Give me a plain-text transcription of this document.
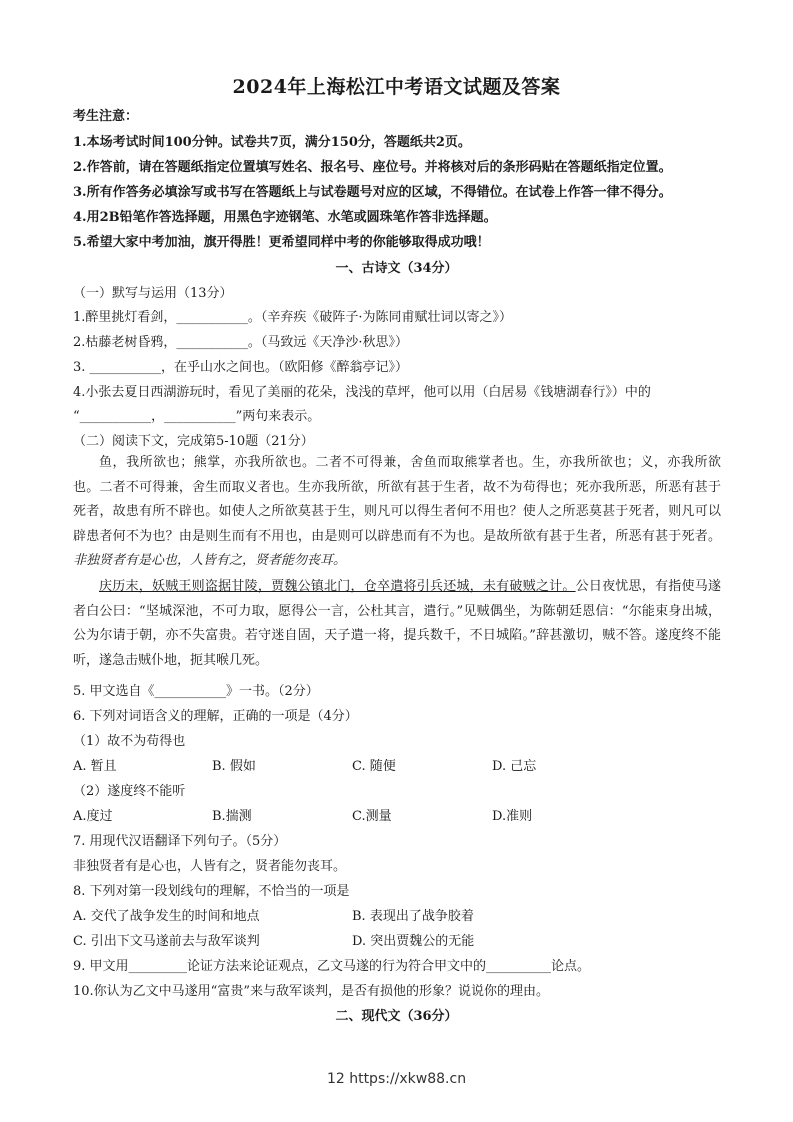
2024年上海松江中考语文试题及答案
考生注意：
1.本场考试时间100分钟。试卷共7页，满分150分，答题纸共2页。
2.作答前，请在答题纸指定位置填写姓名、报名号、座位号。并将核对后的条形码贴在答题纸指定位置。
3.所有作答务必填涂写或书写在答题纸上与试卷题号对应的区域，不得错位。在试卷上作答一律不得分。
4.用2B铅笔作答选择题，用黑色字迹钢笔、水笔或圆珠笔作答非选择题。
5.希望大家中考加油，旗开得胜！更希望同样中考的你能够取得成功哦！
一、古诗文（34分）
（一）默写与运用（13分）
1.醉里挑灯看剑，___________。（辛弃疾《破阵子·为陈同甫赋壮词以寄之》）
2.枯藤老树昏鸦，___________。（马致远《天净沙·秋思》）
3. ___________，在乎山水之间也。（欧阳修《醉翁亭记》）
4.小张去夏日西湖游玩时，看见了美丽的花朵，浅浅的草坪，他可以用（白居易《钱塘湖春行》）中的
“___________，___________”两句来表示。
（二）阅读下文，完成第5-10题（21分）
鱼，我所欲也；熊掌，亦我所欲也。二者不可得兼，舍鱼而取熊掌者也。生，亦我所欲也；义，亦我所欲也。二者不可得兼，舍生而取义者也。生亦我所欲，所欲有甚于生者，故不为苟得也；死亦我所恶，所恶有甚于死者，故患有所不辟也。如使人之所欲莫甚于生，则凡可以得生者何不用也？使人之所恶莫甚于死者，则凡可以辟患者何不为也？由是则生而有不用也，由是则可以辟患而有不为也。是故所欲有甚于生者，所恶有甚于死者。非独贤者有是心也，人皆有之，贤者能勿丧耳。
庆历末，妖贼王则盗据甘陵，贾魏公镇北门，仓卒遣将引兵还城，未有破贼之计。公日夜忧思，有指使马遂者白公曰：“坚城深池，不可力取，愿得公一言，公杜其言，遣行。”见贼偶坐，为陈朝廷恩信：“尔能束身出城，公为尔请于朝，亦不失富贵。若守迷自固，天子遣一将，提兵数千，不日城陷。”辞甚激切，贼不答。遂度终不能听，遂急击贼仆地，扼其喉几死。
5. 甲文选自《___________》一书。（2分）
6. 下列对词语含义的理解，正确的一项是（4分）
（1）故不为苟得也
A. 暂且	B. 假如	C. 随便	D. 己忘
（2）遂度终不能听
A.度过	B.揣测	C.测量	D.准则
7. 用现代汉语翻译下列句子。（5分）
非独贤者有是心也，人皆有之，贤者能勿丧耳。
8. 下列对第一段划线句的理解，不恰当的一项是
A. 交代了战争发生的时间和地点	B. 表现出了战争胶着
C. 引出下文马遂前去与敌军谈判	D. 突出贾魏公的无能
9. 甲文用_________论证方法来论证观点，乙文马遂的行为符合甲文中的__________论点。
10.你认为乙文中马遂用“富贵”来与敌军谈判，是否有损他的形象？说说你的理由。
二、现代文（36分）
12 https://xkw88.cn
